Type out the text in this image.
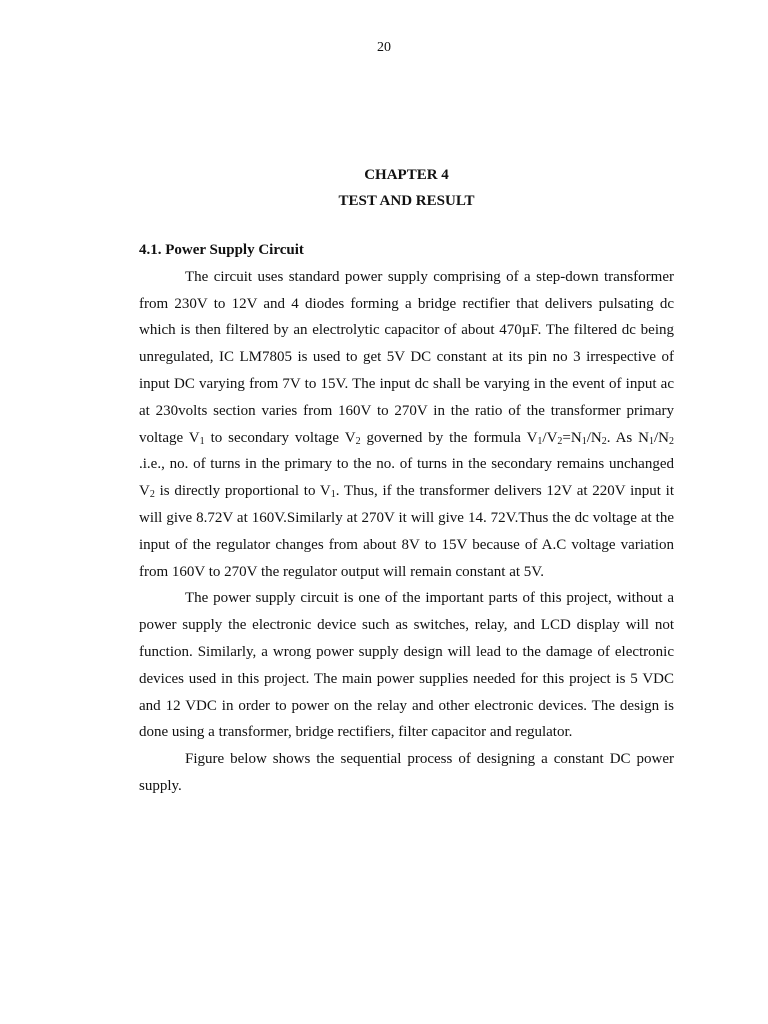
20
CHAPTER 4
TEST AND RESULT

4.1. Power Supply Circuit

The circuit uses standard power supply comprising of a step-down transformer from 230V to 12V and 4 diodes forming a bridge rectifier that delivers pulsating dc which is then filtered by an electrolytic capacitor of about 470µF. The filtered dc being unregulated, IC LM7805 is used to get 5V DC constant at its pin no 3 irrespective of input DC varying from 7V to 15V. The input dc shall be varying in the event of input ac at 230volts section varies from 160V to 270V in the ratio of the transformer primary voltage $V_1$ to secondary voltage $V_2$ governed by the formula $V_1/V_2=N_1/N_2$. As $N_1/N_2$ .i.e., no. of turns in the primary to the no. of turns in the secondary remains unchanged $V_2$ is directly proportional to $V_1$. Thus, if the transformer delivers 12V at 220V input it will give 8.72V at 160V.Similarly at 270V it will give 14. 72V.Thus the dc voltage at the input of the regulator changes from about 8V to 15V because of A.C voltage variation from 160V to 270V the regulator output will remain constant at 5V.

The power supply circuit is one of the important parts of this project, without a power supply the electronic device such as switches, relay, and LCD display will not function. Similarly, a wrong power supply design will lead to the damage of electronic devices used in this project. The main power supplies needed for this project is 5 VDC and 12 VDC in order to power on the relay and other electronic devices. The design is done using a transformer, bridge rectifiers, filter capacitor and regulator.

Figure below shows the sequential process of designing a constant DC power supply.
